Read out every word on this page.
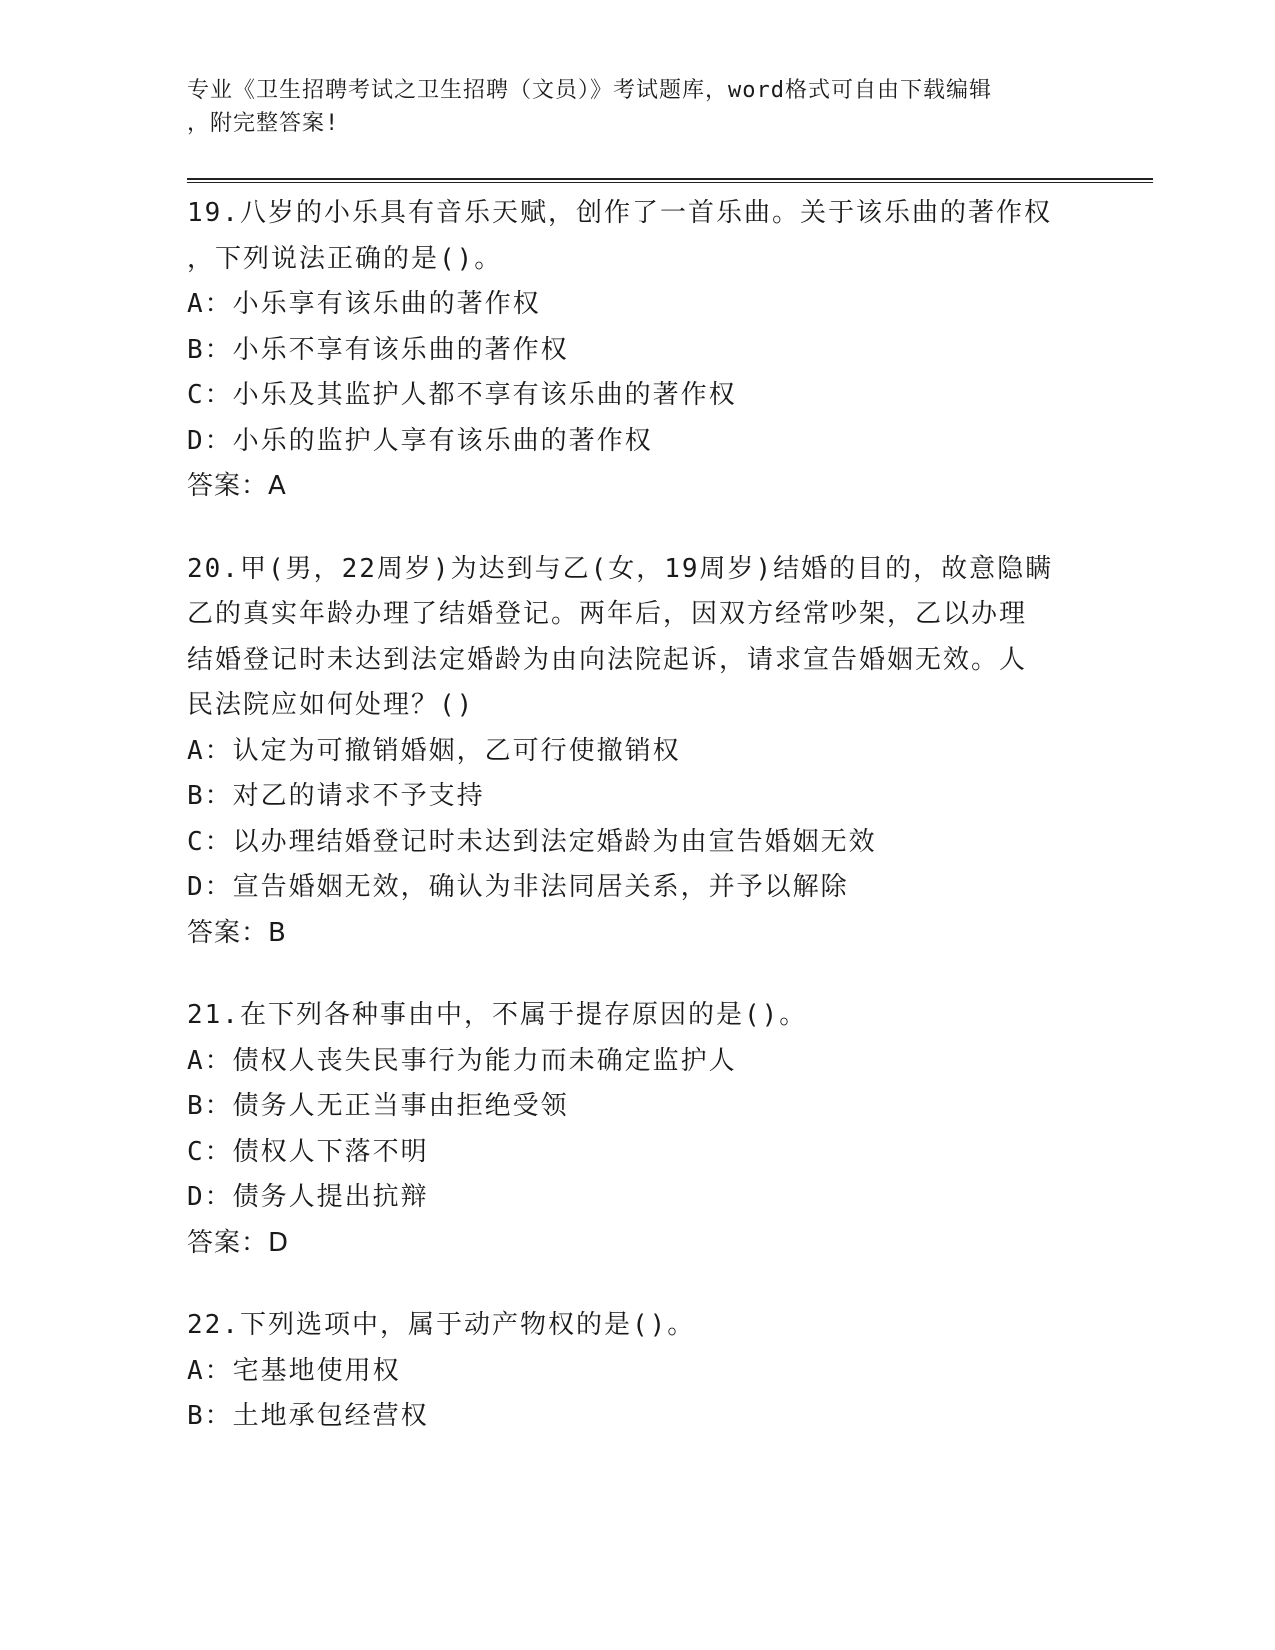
专业《卫生招聘考试之卫生招聘（文员）》考试题库，word格式可自由下载编辑
，附完整答案!
19.八岁的小乐具有音乐天赋，创作了一首乐曲。关于该乐曲的著作权
，下列说法正确的是()。
A：小乐享有该乐曲的著作权
B：小乐不享有该乐曲的著作权
C：小乐及其监护人都不享有该乐曲的著作权
D：小乐的监护人享有该乐曲的著作权
答案：A
20.甲(男，22周岁)为达到与乙(女，19周岁)结婚的目的，故意隐瞒
乙的真实年龄办理了结婚登记。两年后，因双方经常吵架，乙以办理
结婚登记时未达到法定婚龄为由向法院起诉，请求宣告婚姻无效。人
民法院应如何处理？()
A：认定为可撤销婚姻，乙可行使撤销权
B：对乙的请求不予支持
C：以办理结婚登记时未达到法定婚龄为由宣告婚姻无效
D：宣告婚姻无效，确认为非法同居关系，并予以解除
答案：B
21.在下列各种事由中，不属于提存原因的是()。
A：债权人丧失民事行为能力而未确定监护人
B：债务人无正当事由拒绝受领
C：债权人下落不明
D：债务人提出抗辩
答案：D
22.下列选项中，属于动产物权的是()。
A：宅基地使用权
B：土地承包经营权
